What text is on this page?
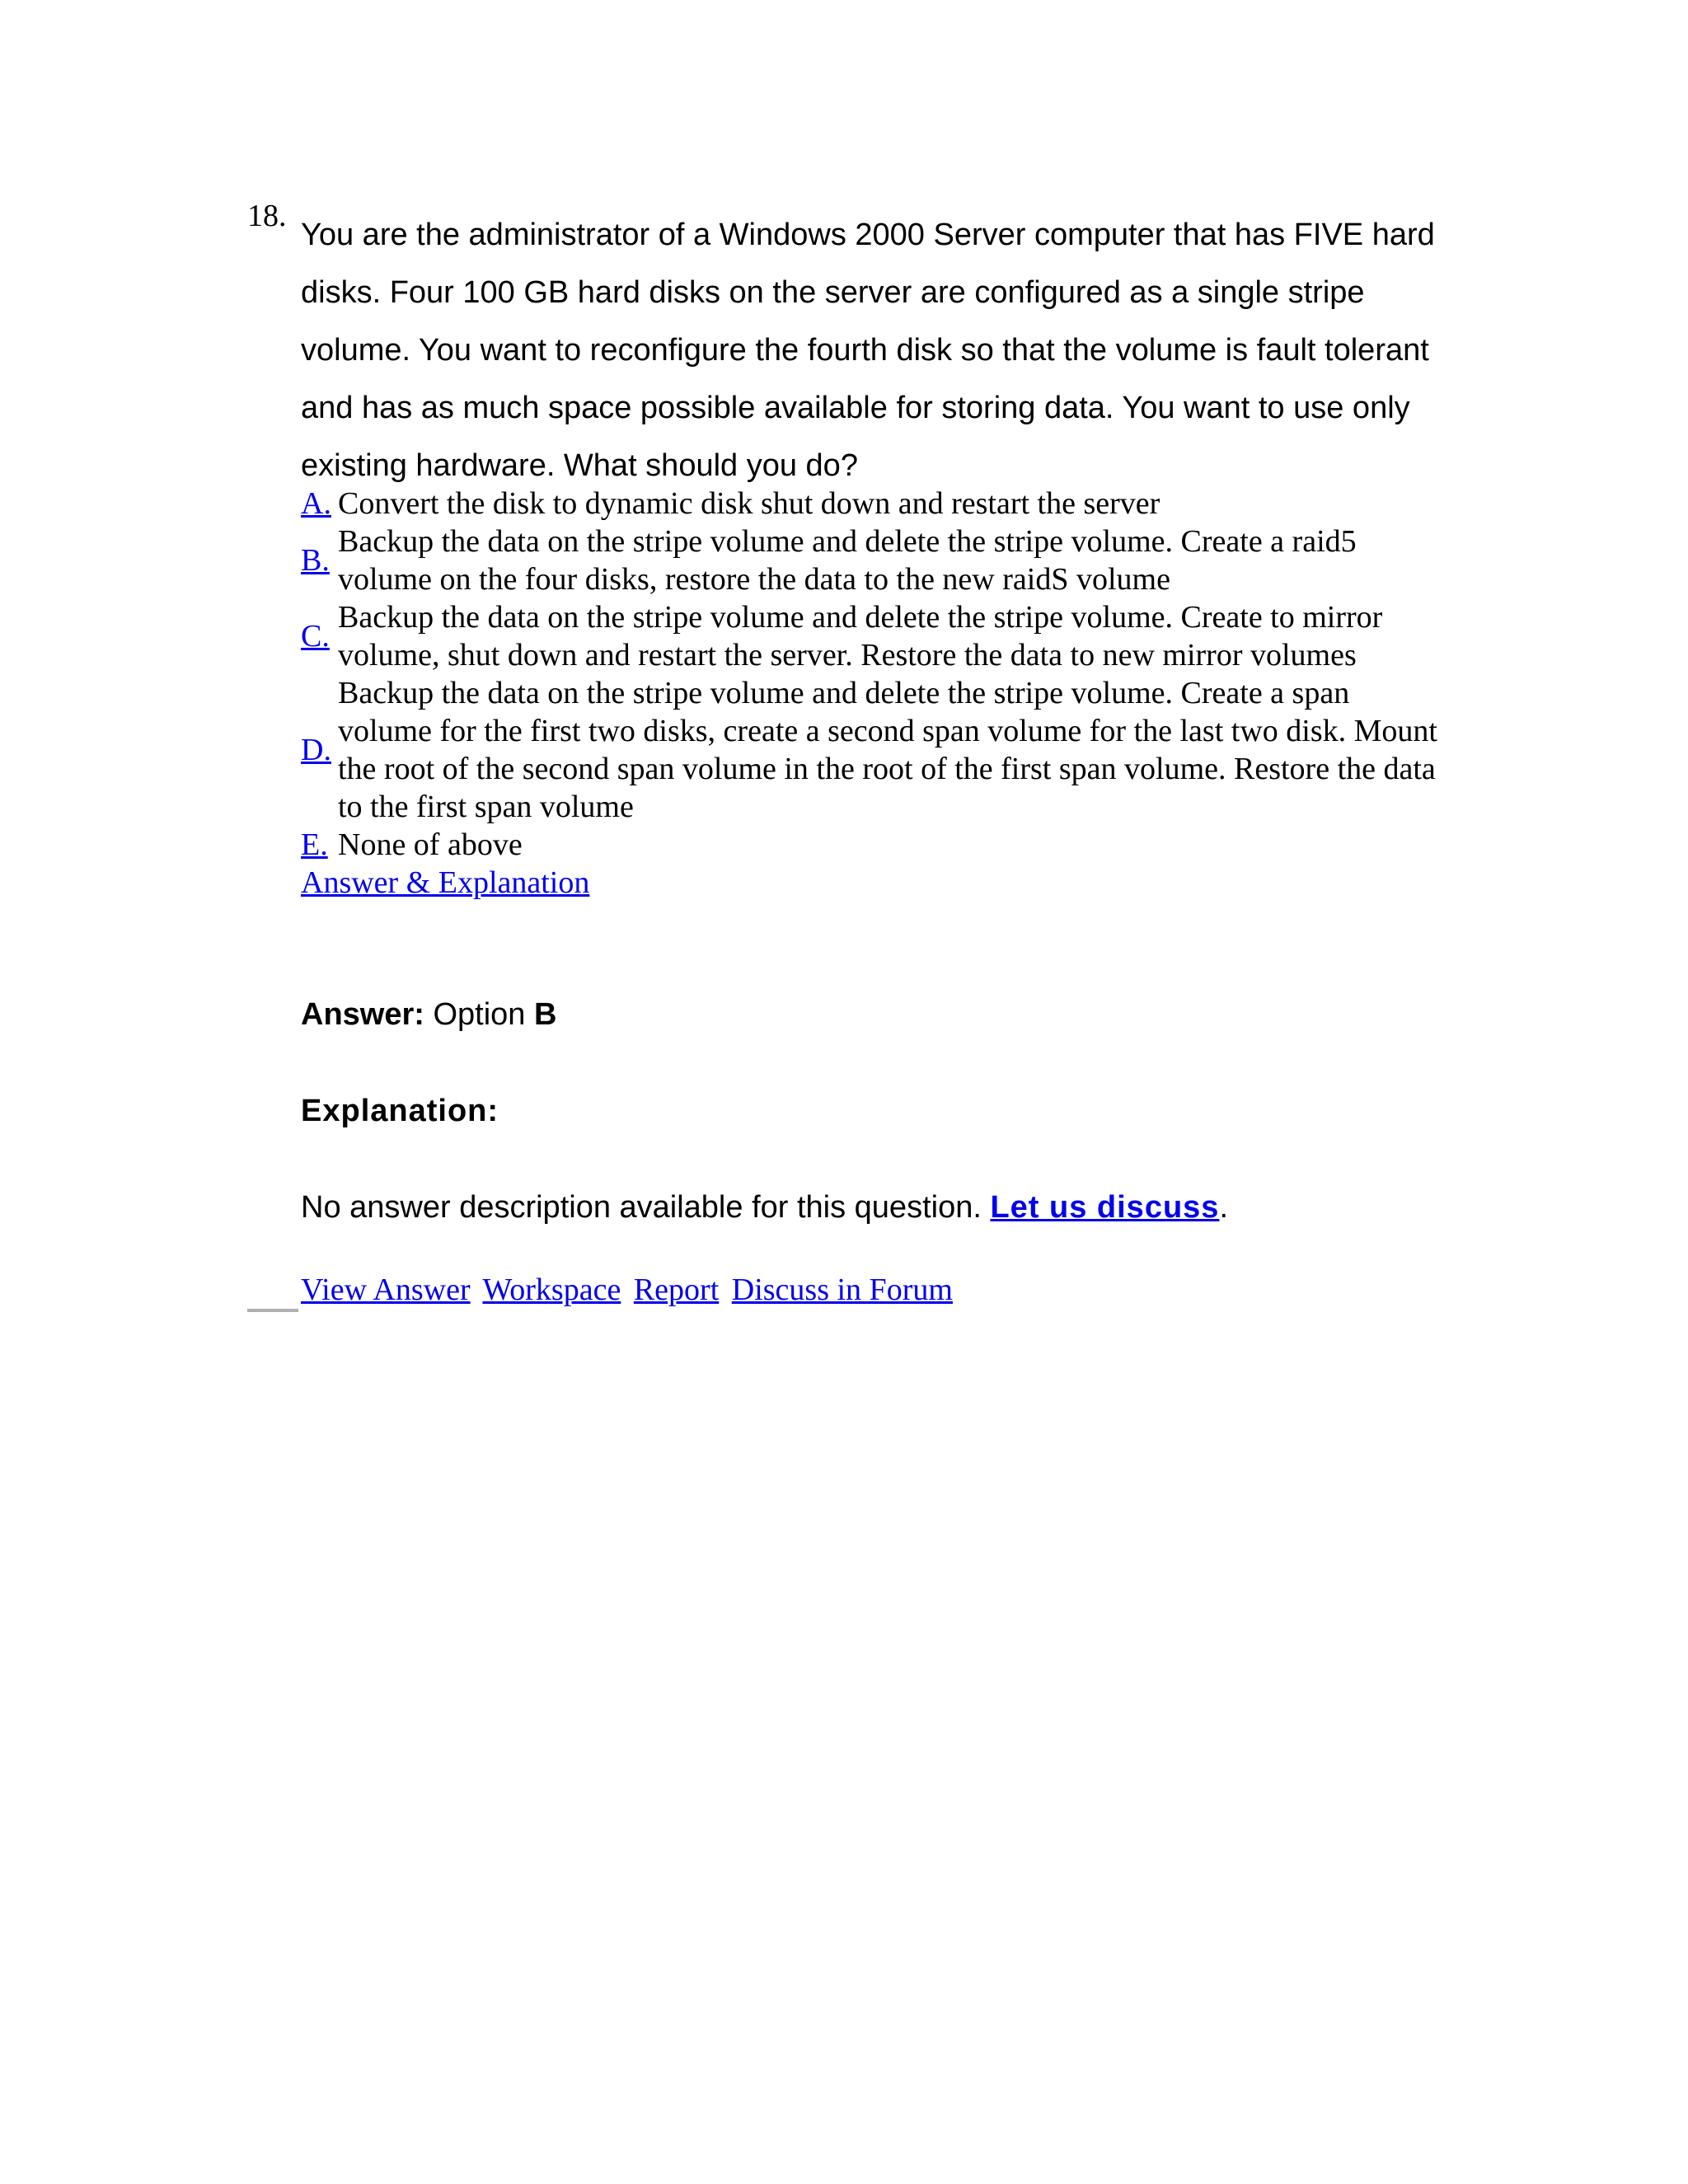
18.
You are the administrator of a Windows 2000 Server computer that has FIVE hard disks. Four 100 GB hard disks on the server are configured as a single stripe volume. You want to reconfigure the fourth disk so that the volume is fault tolerant and has as much space possible available for storing data. You want to use only existing hardware. What should you do?
A. Convert the disk to dynamic disk shut down and restart the server
B.
Backup the data on the stripe volume and delete the stripe volume. Create a raid5 volume on the four disks, restore the data to the new raidS volume
C.
Backup the data on the stripe volume and delete the stripe volume. Create to mirror volume, shut down and restart the server. Restore the data to new mirror volumes
D.
Backup the data on the stripe volume and delete the stripe volume. Create a span volume for the first two disks, create a second span volume for the last two disk. Mount the root of the second span volume in the root of the first span volume. Restore the data to the first span volume
E. None of above
Answer & Explanation
Answer: Option B
Explanation:
No answer description available for this question. Let us discuss.
View Answer Workspace Report Discuss in Forum
